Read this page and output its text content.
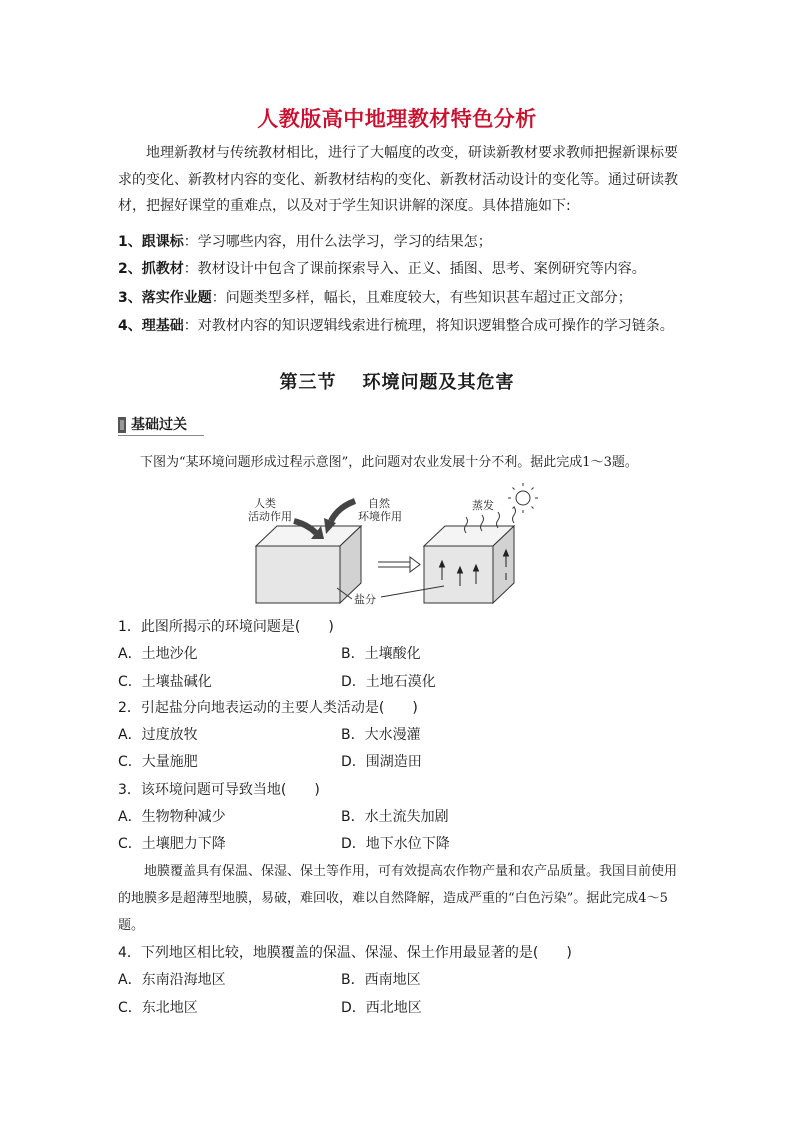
人教版高中地理教材特色分析
地理新教材与传统教材相比，进行了大幅度的改变，研读新教材要求教师把握新课标要求的变化、新教材内容的变化、新教材结构的变化、新教材活动设计的变化等。通过研读教材，把握好课堂的重难点，以及对于学生知识讲解的深度。具体措施如下:
1、跟课标：学习哪些内容，用什么法学习，学习的结果怎；
2、抓教材：教材设计中包含了课前探索导入、正义、插图、思考、案例研究等内容。
3、落实作业题：问题类型多样，幅长，且难度较大，有些知识甚车超过正文部分；
4、理基础：对教材内容的知识逻辑线索进行梳理，将知识逻辑整合成可操作的学习链条。
第三节 环境问题及其危害
基础过关
下图为“某环境问题形成过程示意图”，此问题对农业发展十分不利。据此完成1～3题。
人类
活动作用
自然
环境作用
蒸发
盐分
1．此图所揭示的环境问题是(　　)
A．土地沙化	B．土壤酸化
C．土壤盐碱化	D．土地石漠化
2．引起盐分向地表运动的主要人类活动是(　　)
A．过度放牧	B．大水漫灌
C．大量施肥	D．围湖造田
3．该环境问题可导致当地(　　)
A．生物物种减少	B．水土流失加剧
C．土壤肥力下降	D．地下水位下降
地膜覆盖具有保温、保湿、保土等作用，可有效提高农作物产量和农产品质量。我国目前使用的地膜多是超薄型地膜，易破，难回收，难以自然降解，造成严重的“白色污染”。据此完成4～5题。
4．下列地区相比较，地膜覆盖的保温、保湿、保土作用最显著的是(　　)
A．东南沿海地区	B．西南地区
C．东北地区	D．西北地区
